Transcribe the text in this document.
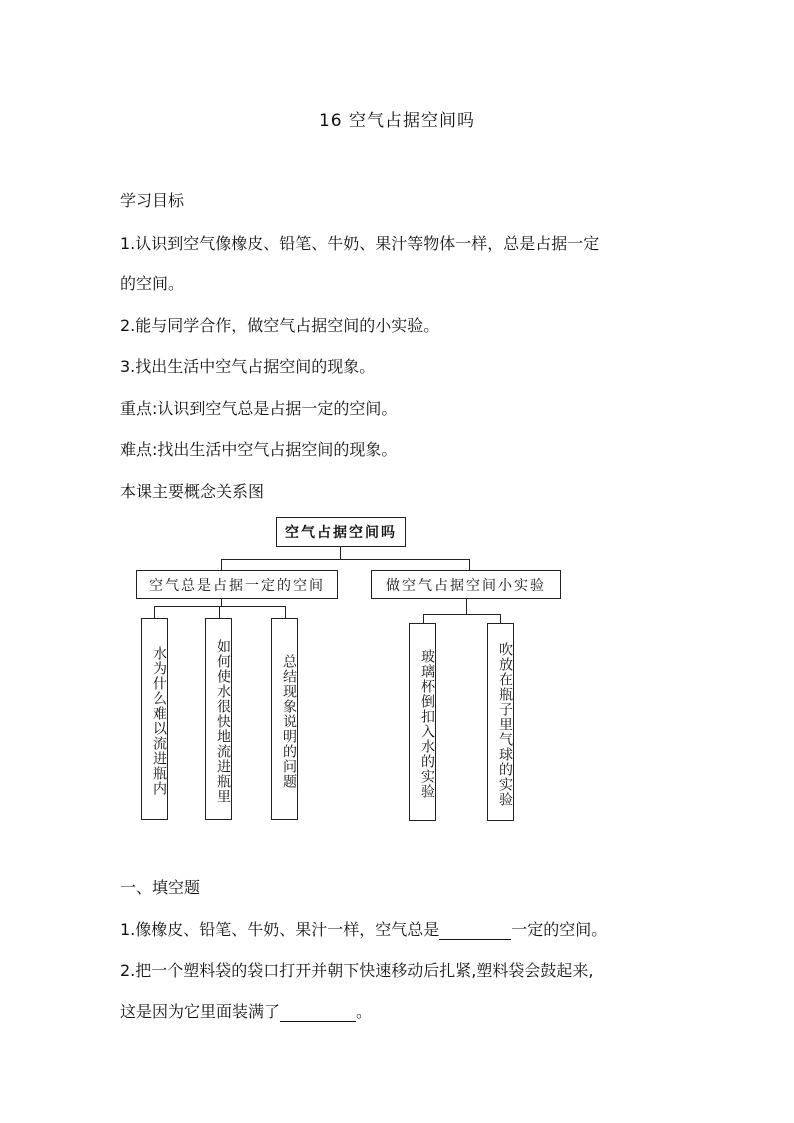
16 空气占据空间吗
学习目标
1.认识到空气像橡皮、铅笔、牛奶、果汁等物体一样，总是占据一定
的空间。
2.能与同学合作，做空气占据空间的小实验。
3.找出生活中空气占据空间的现象。
重点:认识到空气总是占据一定的空间。
难点:找出生活中空气占据空间的现象。
本课主要概念关系图
空气占据空间吗
空气总是占据一定的空间	做空气占据空间小实验
水为什么难以流进瓶内	如何使水很快地流进瓶里	总结现象说明的问题	玻璃杯倒扣入水的实验	吹放在瓶子里气球的实验
一、填空题
1.像橡皮、铅笔、牛奶、果汁一样，空气总是	一定的空间。
2.把一个塑料袋的袋口打开并朝下快速移动后扎紧,塑料袋会鼓起来,
这是因为它里面装满了	。
